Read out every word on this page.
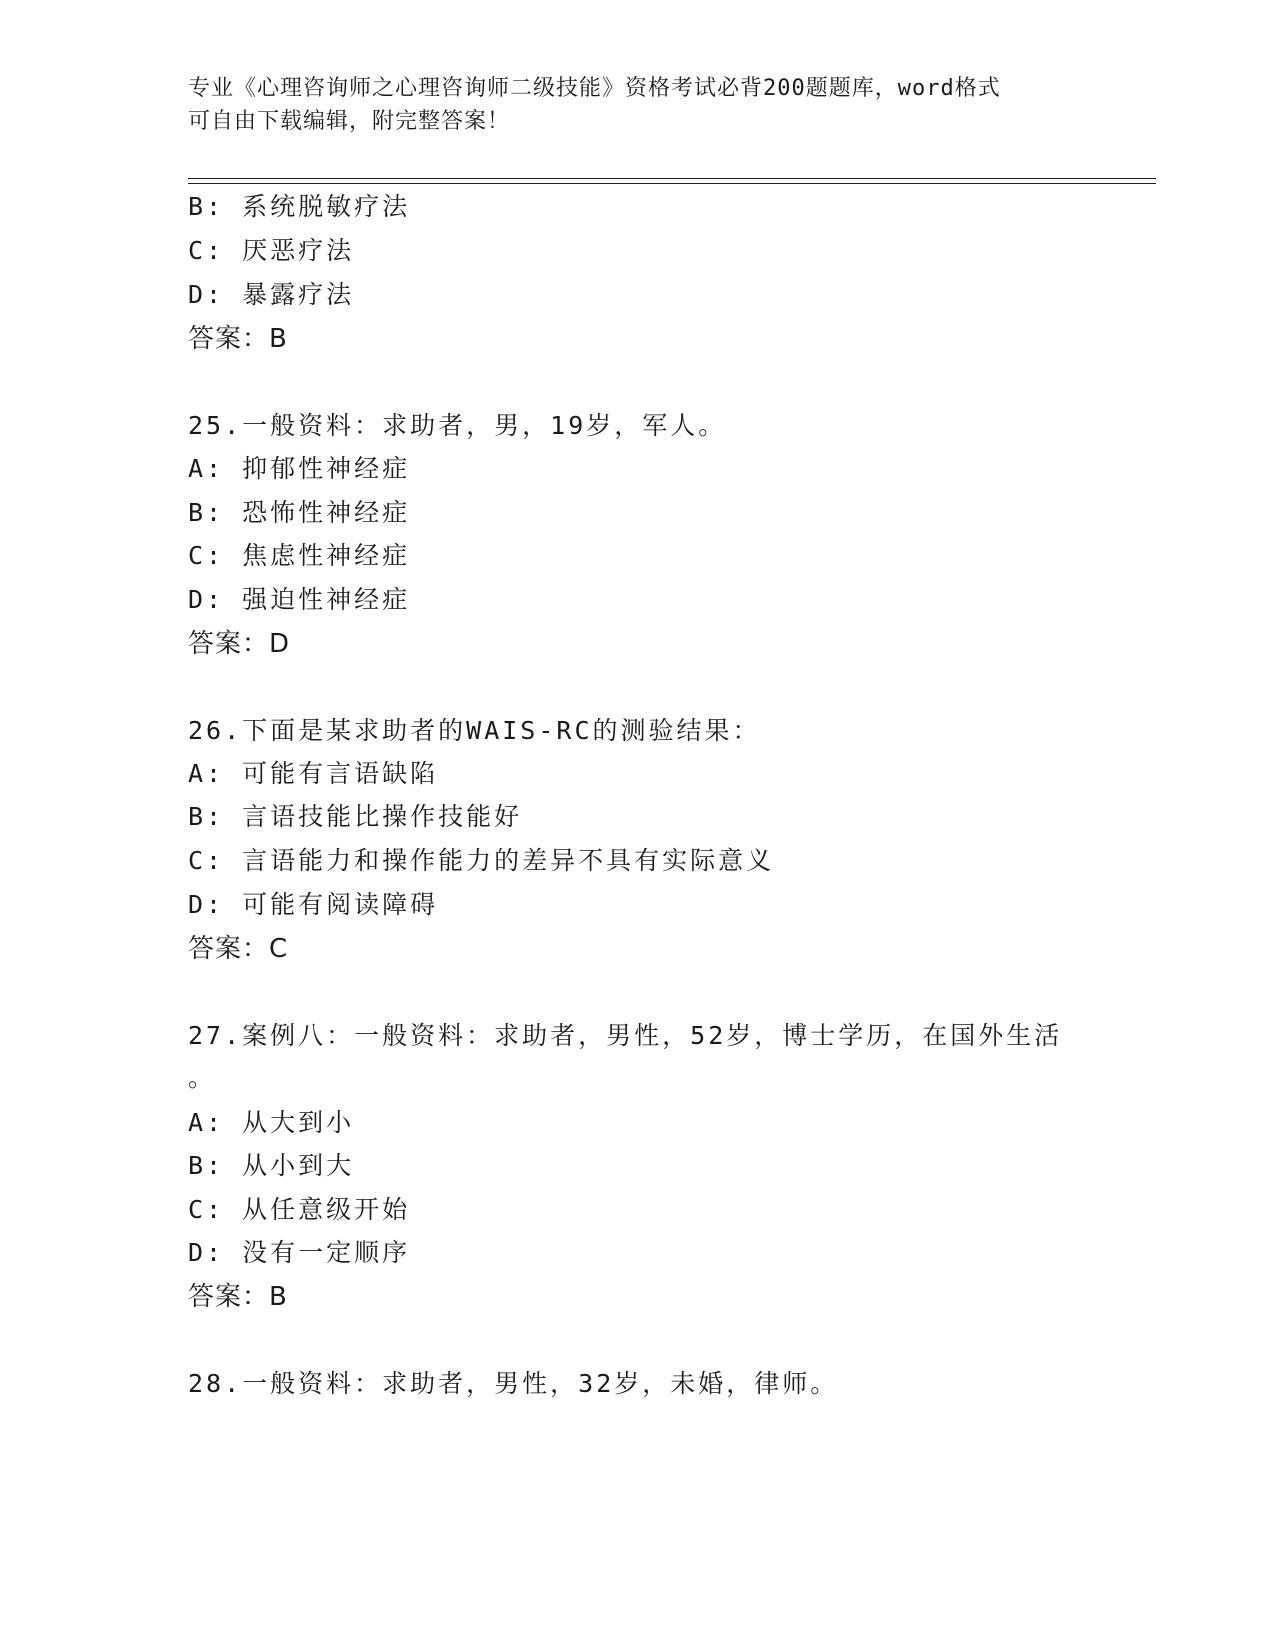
专业《心理咨询师之心理咨询师二级技能》资格考试必背200题题库，word格式
可自由下载编辑，附完整答案！
B: 系统脱敏疗法
C: 厌恶疗法
D: 暴露疗法
答案：B
25.一般资料：求助者，男，19岁，军人。
A: 抑郁性神经症
B: 恐怖性神经症
C: 焦虑性神经症
D: 强迫性神经症
答案：D
26.下面是某求助者的WAIS-RC的测验结果：
A: 可能有言语缺陷
B: 言语技能比操作技能好
C: 言语能力和操作能力的差异不具有实际意义
D: 可能有阅读障碍
答案：C
27.案例八：一般资料：求助者，男性，52岁，博士学历，在国外生活
。
A: 从大到小
B: 从小到大
C: 从任意级开始
D: 没有一定顺序
答案：B
28.一般资料：求助者，男性，32岁，未婚，律师。
